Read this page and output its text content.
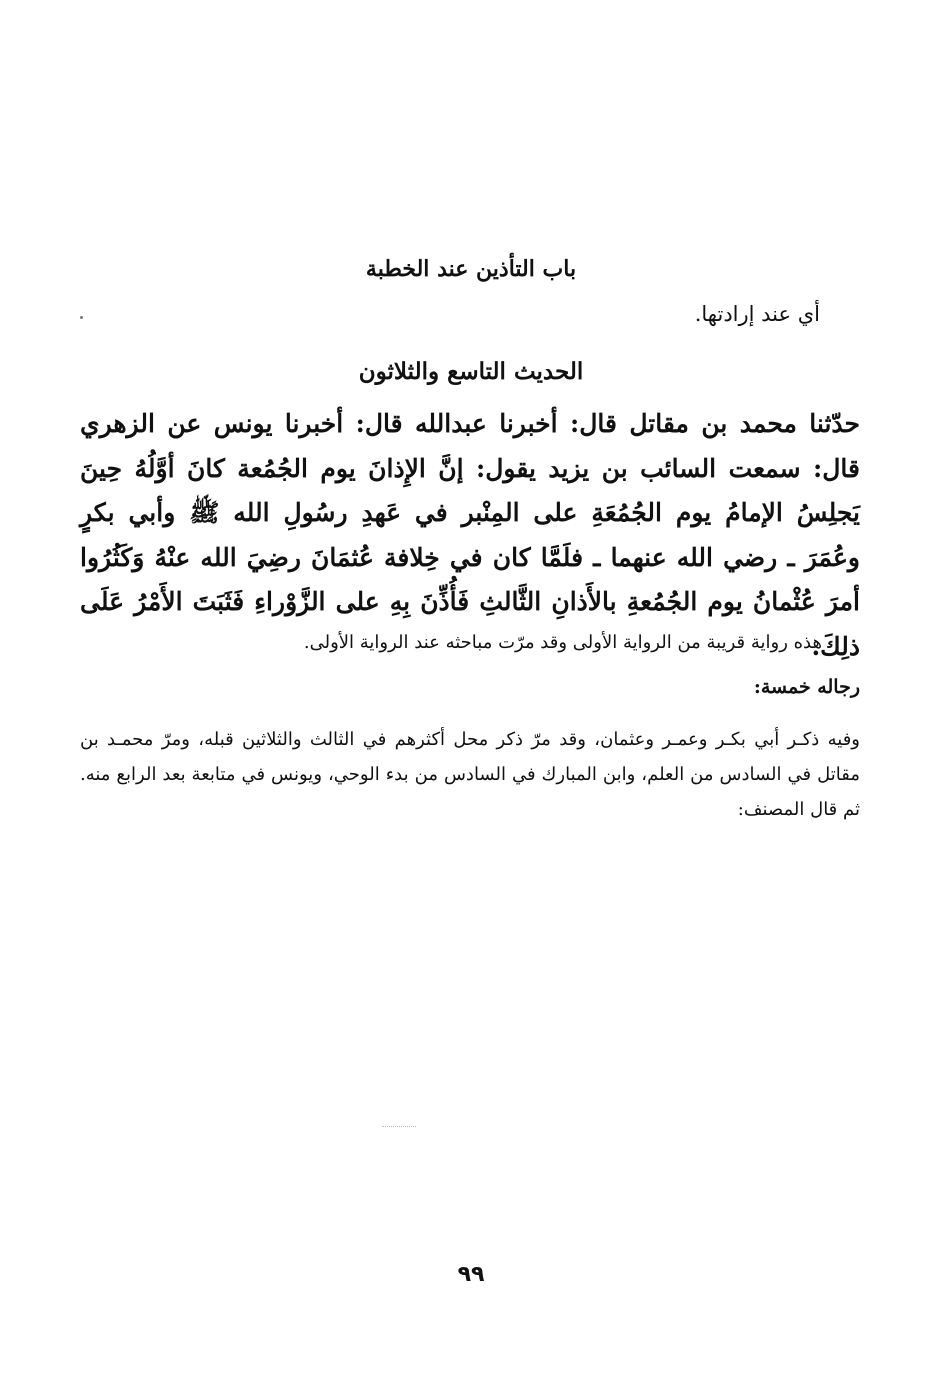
باب التأذين عند الخطبة
أي عند إرادتها.
الحديث التاسع والثلاثون

حدّثنا محمد بن مقاتل قال: أخبرنا عبدالله قال: أخبرنا يونس عن الزهري قال: سمعت السائب بن يزيد يقول: إنَّ الإِذانَ يوم الجُمُعة كانَ أوَّلُهُ حِينَ يَجلِسُ الإمامُ يوم الجُمُعَةِ على المِنْبر في عَهدِ رسُولِ الله ﷺ وأبي بكرٍ وعُمَرَ ـ رضي الله عنهما ـ فلَمَّا كان في خِلافة عُثمَانَ رضِيَ الله عنْهُ وَكَثُرُوا أمرَ عُثْمانُ يوم الجُمُعةِ بالأَذانِ الثَّالثِ فَأُذِّنَ بِهِ على الزَّوْراءِ فَثَبَتَ الأَمْرُ عَلَى ذلِكَ.

هذه رواية قريبة من الرواية الأولى وقد مرّت مباحثه عند الرواية الأولى.

رجاله خمسة:

وفيه ذكـر أبي بكـر وعمـر وعثمان، وقد مرّ ذكر محل أكثرهم في الثالث والثلاثين قبله، ومرّ محمـد بن مقاتل في السادس من العلم، وابن المبارك في السادس من بدء الوحي، ويونس في متابعة بعد الرابع منه. ثم قال المصنف:

٩٩
